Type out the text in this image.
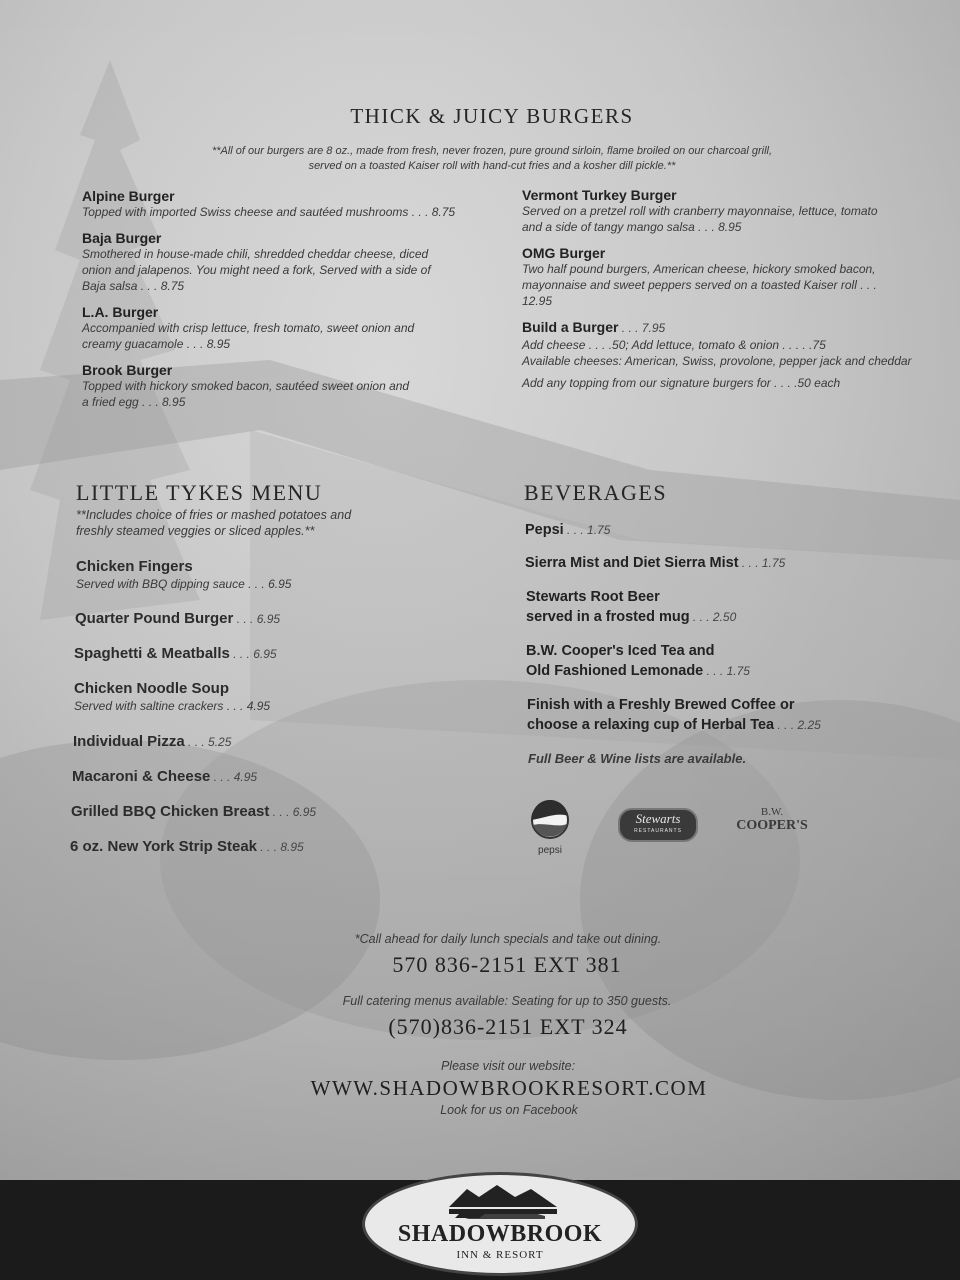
THICK & JUICY BURGERS
**All of our burgers are 8 oz., made from fresh, never frozen, pure ground sirloin, flame broiled on our charcoal grill,
served on a toasted Kaiser roll with hand-cut fries and a kosher dill pickle.**
Alpine Burger
Topped with imported Swiss cheese and sautéed mushrooms . . . 8.75
Baja Burger
Smothered in house-made chili, shredded cheddar cheese, diced
onion and jalapenos. You might need a fork, Served with a side of
Baja salsa . . . 8.75
L.A. Burger
Accompanied with crisp lettuce, fresh tomato, sweet onion and
creamy guacamole . . . 8.95
Brook Burger
Topped with hickory smoked bacon, sautéed sweet onion and
a fried egg . . . 8.95
Vermont Turkey Burger
Served on a pretzel roll with cranberry mayonnaise, lettuce, tomato
and a side of tangy mango salsa . . . 8.95
OMG Burger
Two half pound burgers, American cheese, hickory smoked bacon,
mayonnaise and sweet peppers served on a toasted Kaiser roll . . .
12.95
Build a Burger . . . 7.95
Add cheese . . . .50; Add lettuce, tomato & onion . . . . .75
Available cheeses: American, Swiss, provolone, pepper jack and cheddar
Add any topping from our signature burgers for . . . .50 each
LITTLE TYKES MENU
**Includes choice of fries or mashed potatoes and
freshly steamed veggies or sliced apples.**
Chicken Fingers
Served with BBQ dipping sauce . . . 6.95
Quarter Pound Burger . . . 6.95
Spaghetti & Meatballs . . . 6.95
Chicken Noodle Soup
Served with saltine crackers . . . 4.95
Individual Pizza . . . 5.25
Macaroni & Cheese . . . 4.95
Grilled BBQ Chicken Breast . . . 6.95
6 oz. New York Strip Steak . . . 8.95
BEVERAGES
Pepsi . . . 1.75
Sierra Mist and Diet Sierra Mist . . . 1.75
Stewarts Root Beer
served in a frosted mug . . . 2.50
B.W. Cooper's Iced Tea and
Old Fashioned Lemonade . . . 1.75
Finish with a Freshly Brewed Coffee or
choose a relaxing cup of Herbal Tea . . . 2.25
Full Beer & Wine lists are available.
pepsi
Stewarts
RESTAURANTS
B.W.
COOPER'S
*Call ahead for daily lunch specials and take out dining.
570 836-2151 EXT 381
Full catering menus available: Seating for up to 350 guests.
(570)836-2151 EXT 324
Please visit our website:
WWW.SHADOWBROOKRESORT.COM
Look for us on Facebook
SHADOWBROOK
INN & RESORT
